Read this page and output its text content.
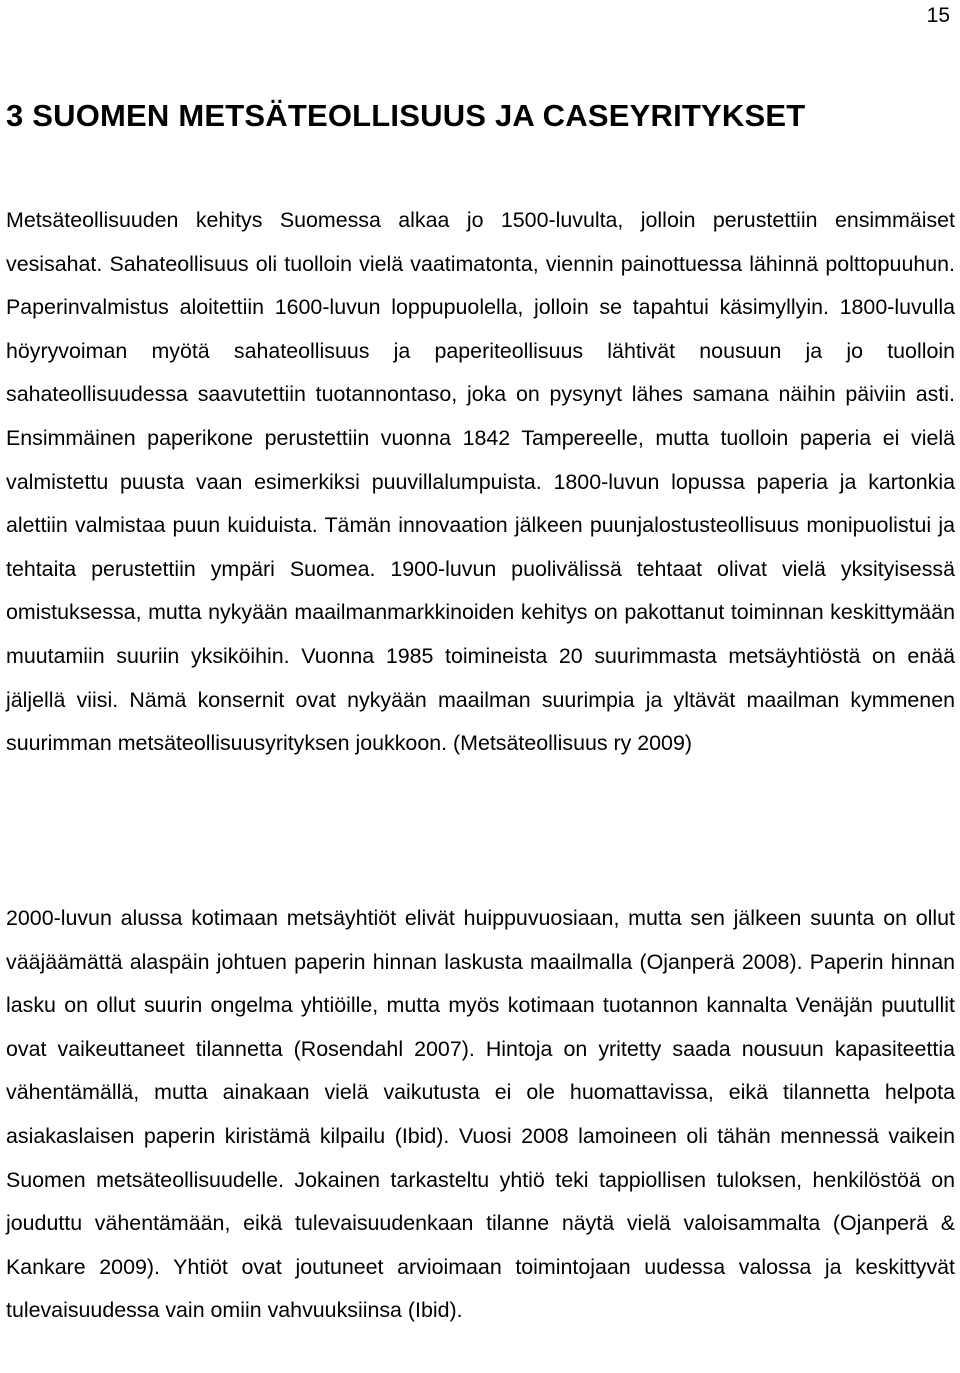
15
3 SUOMEN METSÄTEOLLISUUS JA CASEYRITYKSET

Metsäteollisuuden kehitys Suomessa alkaa jo 1500-luvulta, jolloin perustettiin ensimmäiset vesisahat. Sahateollisuus oli tuolloin vielä vaatimatonta, viennin painottuessa lähinnä polttopuuhun. Paperinvalmistus aloitettiin 1600-luvun loppupuolella, jolloin se tapahtui käsimyllyin. 1800-luvulla höyryvoiman myötä sahateollisuus ja paperiteollisuus lähtivät nousuun ja jo tuolloin sahateollisuudessa saavutettiin tuotannontaso, joka on pysynyt lähes samana näihin päiviin asti. Ensimmäinen paperikone perustettiin vuonna 1842 Tampereelle, mutta tuolloin paperia ei vielä valmistettu puusta vaan esimerkiksi puuvillalumpuista. 1800-luvun lopussa paperia ja kartonkia alettiin valmistaa puun kuiduista. Tämän innovaation jälkeen puunjalostusteollisuus monipuolistui ja tehtaita perustettiin ympäri Suomea. 1900-luvun puolivälissä tehtaat olivat vielä yksityisessä omistuksessa, mutta nykyään maailmanmarkkinoiden kehitys on pakottanut toiminnan keskittymään muutamiin suuriin yksiköihin. Vuonna 1985 toimineista 20 suurimmasta metsäyhtiöstä on enää jäljellä viisi. Nämä konsernit ovat nykyään maailman suurimpia ja yltävät maailman kymmenen suurimman metsäteollisuusyrityksen joukkoon. (Metsäteollisuus ry 2009)

2000-luvun alussa kotimaan metsäyhtiöt elivät huippuvuosiaan, mutta sen jälkeen suunta on ollut vääjäämättä alaspäin johtuen paperin hinnan laskusta maailmalla (Ojanperä 2008). Paperin hinnan lasku on ollut suurin ongelma yhtiöille, mutta myös kotimaan tuotannon kannalta Venäjän puutullit ovat vaikeuttaneet tilannetta (Rosendahl 2007). Hintoja on yritetty saada nousuun kapasiteettia vähentämällä, mutta ainakaan vielä vaikutusta ei ole huomattavissa, eikä tilannetta helpota asiakaslaisen paperin kiristämä kilpailu (Ibid). Vuosi 2008 lamoineen oli tähän mennessä vaikein Suomen metsäteollisuudelle. Jokainen tarkasteltu yhtiö teki tappiollisen tuloksen, henkilöstöä on jouduttu vähentämään, eikä tulevaisuudenkaan tilanne näytä vielä valoisammalta (Ojanperä & Kankare 2009). Yhtiöt ovat joutuneet arvioimaan toimintojaan uudessa valossa ja keskittyvät tulevaisuudessa vain omiin vahvuuksiinsa (Ibid).
